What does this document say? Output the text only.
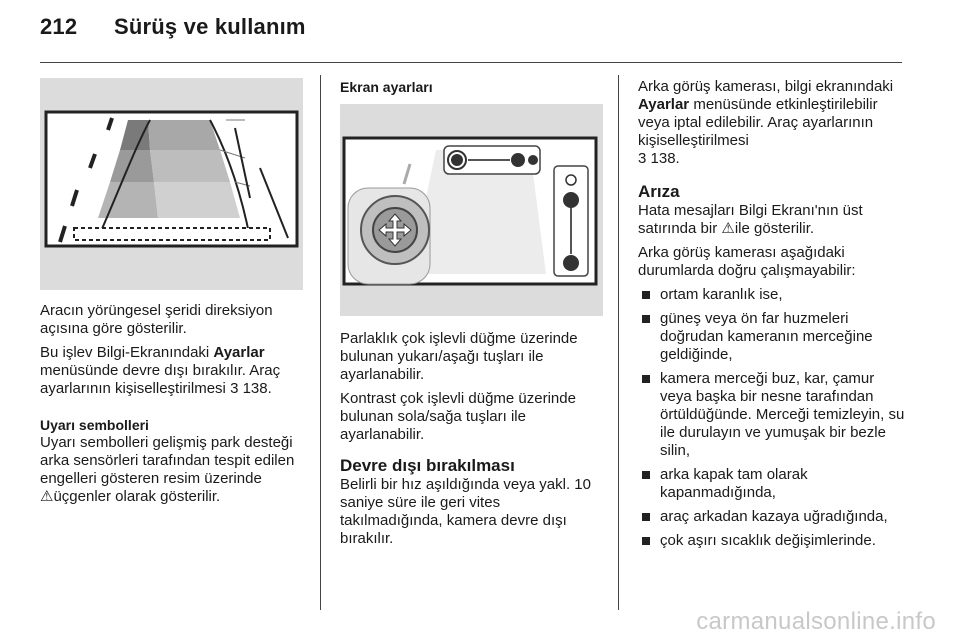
212 Sürüş ve kullanım

Aracın yörüngesel şeridi direksiyon açısına göre gösterilir.

Bu işlev Bilgi-Ekranındaki Ayarlar menüsünde devre dışı bırakılır. Araç ayarlarının kişiselleştirilmesi 3 138.

Uyarı sembolleri

Uyarı sembolleri gelişmiş park desteği arka sensörleri tarafından tespit edilen engelleri gösteren resim üzerinde ⚠üçgenler olarak gösterilir.

Ekran ayarları

Parlaklık çok işlevli düğme üzerinde bulunan yukarı/aşağı tuşları ile ayarlanabilir.

Kontrast çok işlevli düğme üzerinde bulunan sola/sağa tuşları ile ayarlanabilir.

Devre dışı bırakılması

Belirli bir hız aşıldığında veya yakl. 10 saniye süre ile geri vites takılmadığında, kamera devre dışı bırakılır.

Arka görüş kamerası, bilgi ekranındaki Ayarlar menüsünde etkinleştirilebilir veya iptal edilebilir. Araç ayarlarının kişiselleştirilmesi
3 138.

Arıza

Hata mesajları Bilgi Ekranı'nın üst satırında bir ⚠ile gösterilir.

Arka görüş kamerası aşağıdaki durumlarda doğru çalışmayabilir:

ortam karanlık ise,
güneş veya ön far huzmeleri doğrudan kameranın merceğine geldiğinde,
kamera merceği buz, kar, çamur veya başka bir nesne tarafından örtüldüğünde. Merceği temizleyin, su ile durulayın ve yumuşak bir bezle silin,
arka kapak tam olarak kapanmadığında,
araç arkadan kazaya uğradığında,
çok aşırı sıcaklık değişimlerinde.
carmanualsonline.info
